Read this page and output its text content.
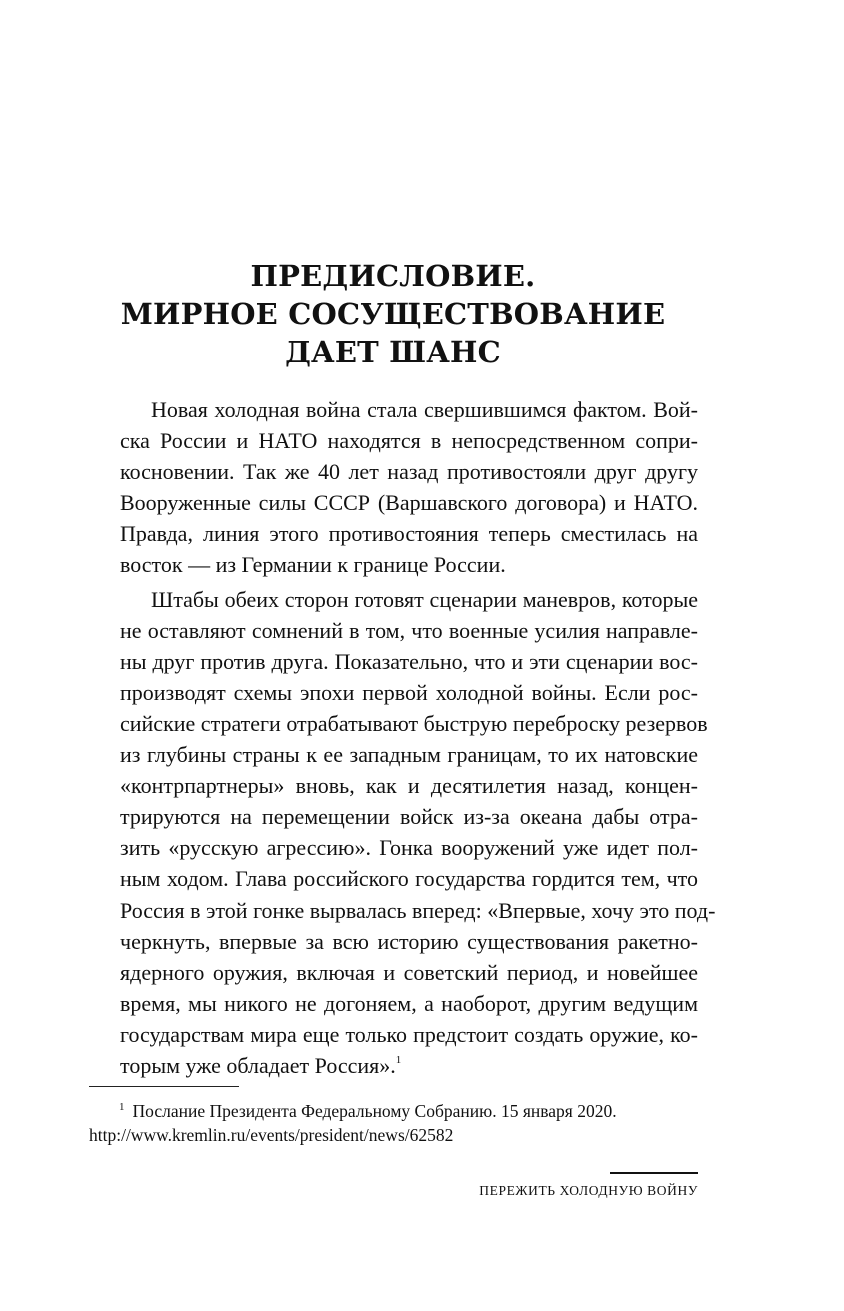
ПРЕДИСЛОВИЕ.
МИРНОЕ СОСУЩЕСТВОВАНИЕ
ДАЕТ ШАНС
Новая холодная война стала свершившимся фактом. Вой-
ска России и НАТО находятся в непосредственном сопри-
косновении. Так же 40 лет назад противостояли друг другу
Вооруженные силы СССР (Варшавского договора) и НАТО.
Правда, линия этого противостояния теперь сместилась на
восток — из Германии к границе России.
Штабы обеих сторон готовят сценарии маневров, которые
не оставляют сомнений в том, что военные усилия направле-
ны друг против друга. Показательно, что и эти сценарии вос-
производят схемы эпохи первой холодной войны. Если рос-
сийские стратеги отрабатывают быструю переброску резервов
из глубины страны к ее западным границам, то их натовские
«контрпартнеры» вновь, как и десятилетия назад, концен-
трируются на перемещении войск из-за океана дабы отра-
зить «русскую агрессию». Гонка вооружений уже идет пол-
ным ходом. Глава российского государства гордится тем, что
Россия в этой гонке вырвалась вперед: «Впервые, хочу это под-
черкнуть, впервые за всю историю существования ракетно-
ядерного оружия, включая и советский период, и новейшее
время, мы никого не догоняем, а наоборот, другим ведущим
государствам мира еще только предстоит создать оружие, ко-
торым уже обладает Россия».$^1$
$^1$ Послание Президента Федеральному Собранию. 15 января 2020.
http://www.kremlin.ru/events/president/news/62582
ПЕРЕЖИТЬ ХОЛОДНУЮ ВОЙНУ
